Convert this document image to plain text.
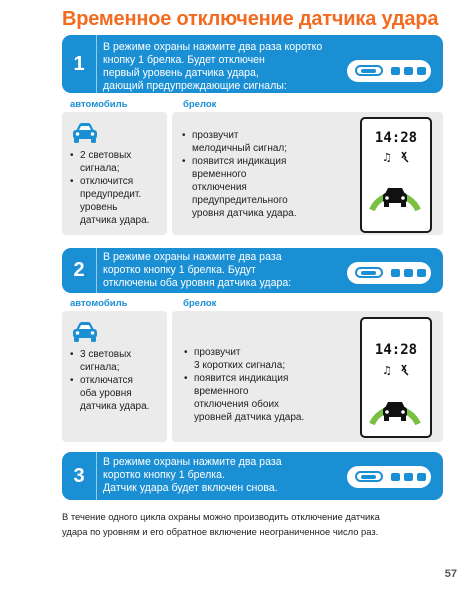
Временное отключение датчика удара
1
В режиме охраны нажмите два раза коротко
кнопку 1 брелка. Будет отключен
первый уровень датчика удара,
дающий предупреждающие сигналы:
автомобиль	брелок
• 2 световых
сигнала;
• отключится
предупредит.
уровень
датчика удара.
• прозвучит
мелодичный сигнал;
• появится индикация
временного
отключения
предупредительного
уровня датчика удара.
14:28
♫
2
В режиме охраны нажмите два раза
коротко кнопку 1 брелка. Будут
отключены оба уровня датчика удара:
автомобиль	брелок
• 3 световых
сигнала;
• отключатся
оба уровня
датчика удара.
• прозвучит
3 коротких сигнала;
• появится индикация
временного
отключения обоих
уровней датчика удара.
14:28
♫
3
В режиме охраны нажмите два раза
коротко кнопку 1 брелка.
Датчик удара будет включен снова.
В течение одного цикла охраны можно производить отключение датчика
удара по уровням и его обратное включение неограниченное число раз.
57
